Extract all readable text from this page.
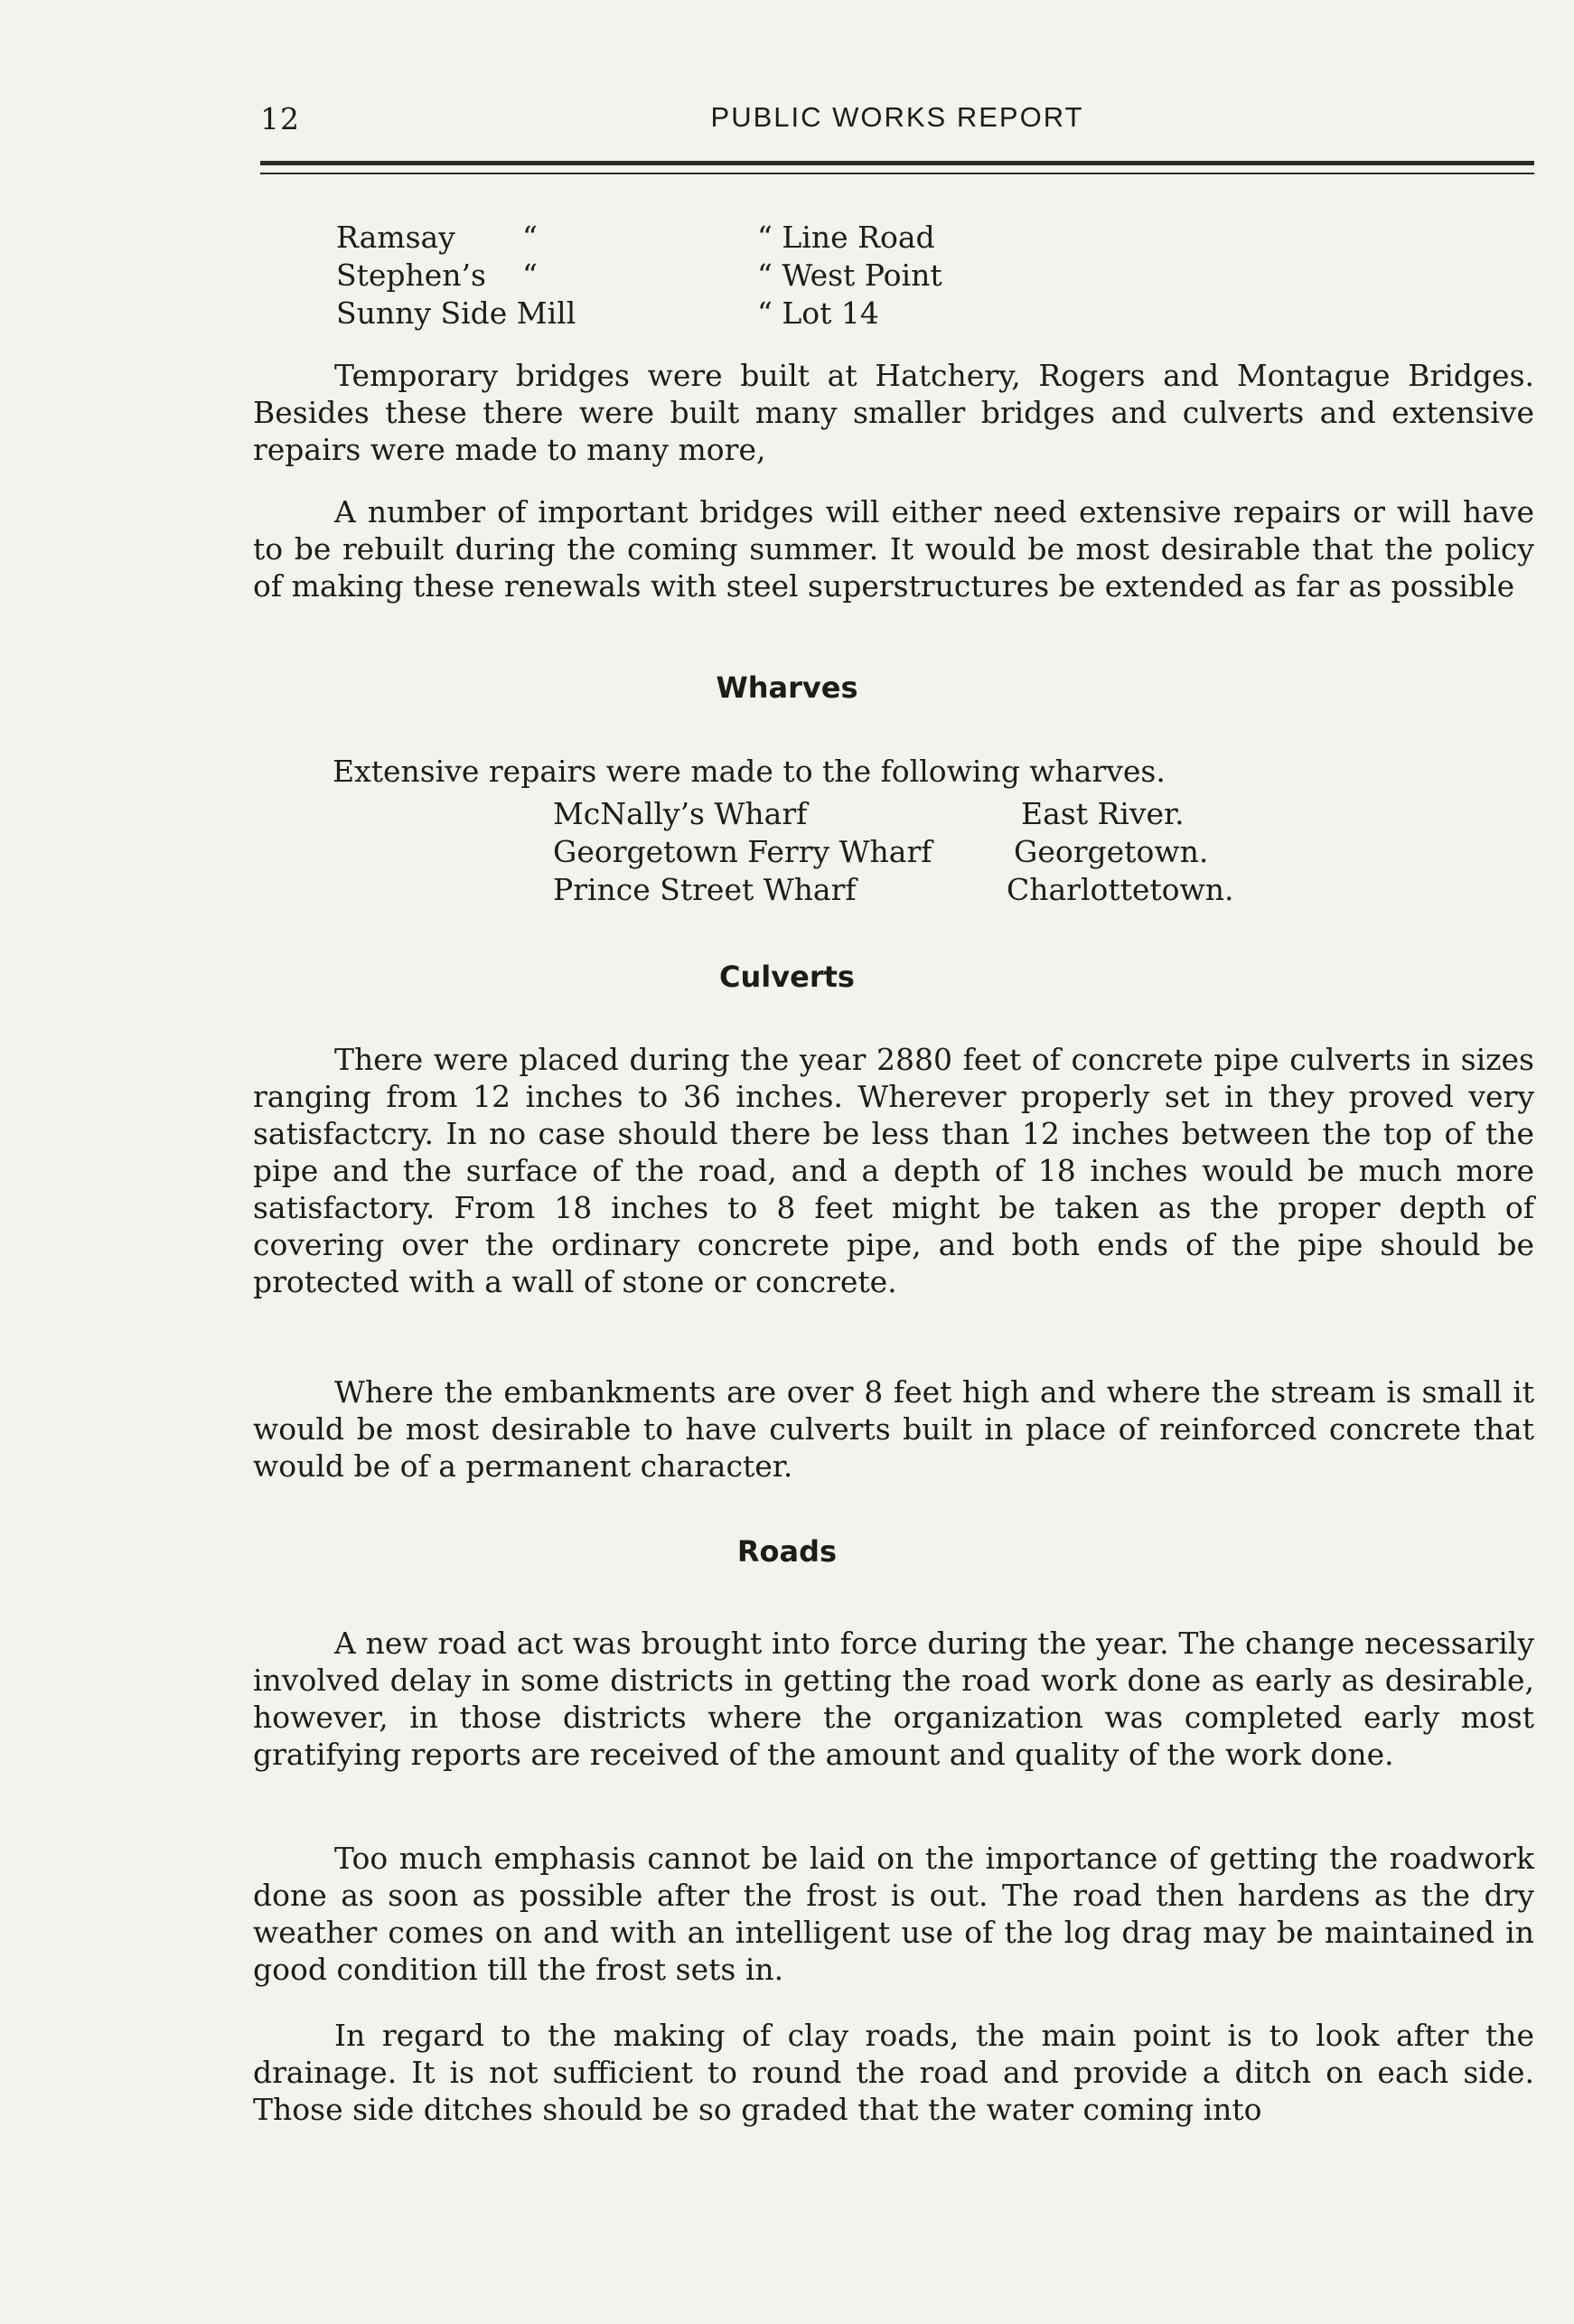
12	PUBLIC WORKS REPORT
Ramsay “	“ Line Road
Stephen’s “	“ West Point
Sunny Side Mill	“ Lot 14

Temporary bridges were built at Hatchery, Rogers and Montague Bridges. Besides these there were built many smaller bridges and culverts and extensive repairs were made to many more,

A number of important bridges will either need extensive repairs or will have to be rebuilt during the coming summer. It would be most desirable that the policy of making these renewals with steel superstructures be extended as far as possible

Wharves
Extensive repairs were made to the following wharves.
McNally’s Wharf	East River.
Georgetown Ferry Wharf	Georgetown.
Prince Street Wharf	Charlottetown.
Culverts

There were placed during the year 2880 feet of concrete pipe culverts in sizes ranging from 12 inches to 36 inches. Wherever properly set in they proved very satisfactcry. In no case should there be less than 12 inches between the top of the pipe and the surface of the road, and a depth of 18 inches would be much more satisfactory. From 18 inches to 8 feet might be taken as the proper depth of covering over the ordinary concrete pipe, and both ends of the pipe should be protected with a wall of stone or concrete.

Where the embankments are over 8 feet high and where the stream is small it would be most desirable to have culverts built in place of reinforced concrete that would be of a permanent character.

Roads

A new road act was brought into force during the year. The change necessarily involved delay in some districts in getting the road work done as early as desirable, however, in those districts where the organization was completed early most gratifying reports are received of the amount and quality of the work done.

Too much emphasis cannot be laid on the importance of getting the roadwork done as soon as possible after the frost is out. The road then hardens as the dry weather comes on and with an intelligent use of the log drag may be maintained in good condition till the frost sets in.

In regard to the making of clay roads, the main point is to look after the drainage. It is not sufficient to round the road and provide a ditch on each side. Those side ditches should be so graded that the water coming into
